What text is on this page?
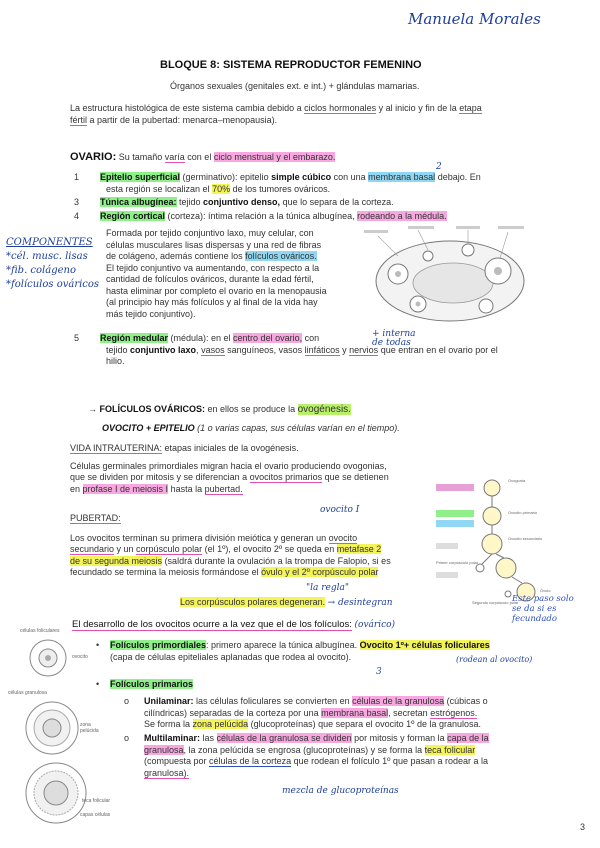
Manuela Morales
BLOQUE 8: SISTEMA REPRODUCTOR FEMENINO
Órganos sexuales (genitales ext. e int.) + glándulas mamarias.
La estructura histológica de este sistema cambia debido a ciclos hormonales y al inicio y fin de la etapa
fértil a partir de la pubertad: menarca–menopausia).
OVARIO: Su tamaño varía con el ciclo menstrual y el embarazo.
2
1 Epitelio superficial (germinativo): epitelio simple cúbico con una membrana basal debajo. En
esta región se localizan el 70% de los tumores ováricos.
3 Túnica albugínea: tejido conjuntivo denso, que lo separa de la corteza.
4 Región cortical (corteza): íntima relación a la túnica albugínea, rodeando a la médula.
Formada por tejido conjuntivo laxo, muy celular, con
células musculares lisas dispersas y una red de fibras
de colágeno, además contiene los folículos ováricos.
El tejido conjuntivo va aumentando, con respecto a la
cantidad de folículos ováricos, durante la edad fértil,
hasta eliminar por completo el ovario en la menopausia
(al principio hay más folículos y al final de la vida hay
más tejido conjuntivo).
COMPONENTES
*cél. musc. lisas
*fib. colágeno
*folículos ováricos
5 Región medular (médula): en el centro del ovario, con
tejido conjuntivo laxo, vasos sanguíneos, vasos linfáticos y nervios que entran en el ovario por el
hilio.
+ interna de todas
→ FOLÍCULOS OVÁRICOS: en ellos se produce la ovogénesis.
OVOCITO + EPITELIO (1 o varias capas, sus células varían en el tiempo).
VIDA INTRAUTERINA: etapas iniciales de la ovogénesis.
Células germinales primordiales migran hacia el ovario produciendo ovogonias,
que se dividen por mitosis y se diferencian a ovocitos primarios que se detienen
en profase I de meiosis I hasta la pubertad.
ovocito I
PUBERTAD:
Los ovocitos terminan su primera división meiótica y generan un ovocito
secundario y un corpúsculo polar (el 1º), el ovocito 2º se queda en metafase 2
de su segunda meiosis (saldrá durante la ovulación a la trompa de Falopio, si es
fecundado se termina la meiosis formándose el óvulo y el 2º corpúsculo polar
"la regla"
Los corpúsculos polares degeneran. → desintegran
Ovogonia
Ovocito primario
Ovocito secundario
Primer corpúsculo polar
Óvulo
Segundo corpúsculo polar
Este paso solo se da si es fecundado
El desarrollo de los ovocitos ocurre a la vez que el de los folículos: (ovárico)
• Folículos primordiales: primero aparece la túnica albugínea. Ovocito 1º+ células foliculares
(capa de células epiteliales aplanadas que rodea al ovocito).	(rodean al ovocito)
3
• Folículos primarios
o Unilaminar: las células foliculares se convierten en células de la granulosa (cúbicas o
cilíndricas) separadas de la corteza por una membrana basal, secretan estrógenos.
Se forma la zona pelúcida (glucoproteínas) que separa el ovocito 1º de la granulosa.
o Multilaminar: las células de la granulosa se dividen por mitosis y forman la capa de la
granulosa, la zona pelúcida se engrosa (glucoproteínas) y se forma la teca folicular
(compuesta por células de la corteza que rodean el folículo 1º que pasan a rodear a la
granulosa).
mezcla de glucoproteínas
células foliculares
ovocito
células granulosa
zona pelúcida
teca folicular
capas células
3
